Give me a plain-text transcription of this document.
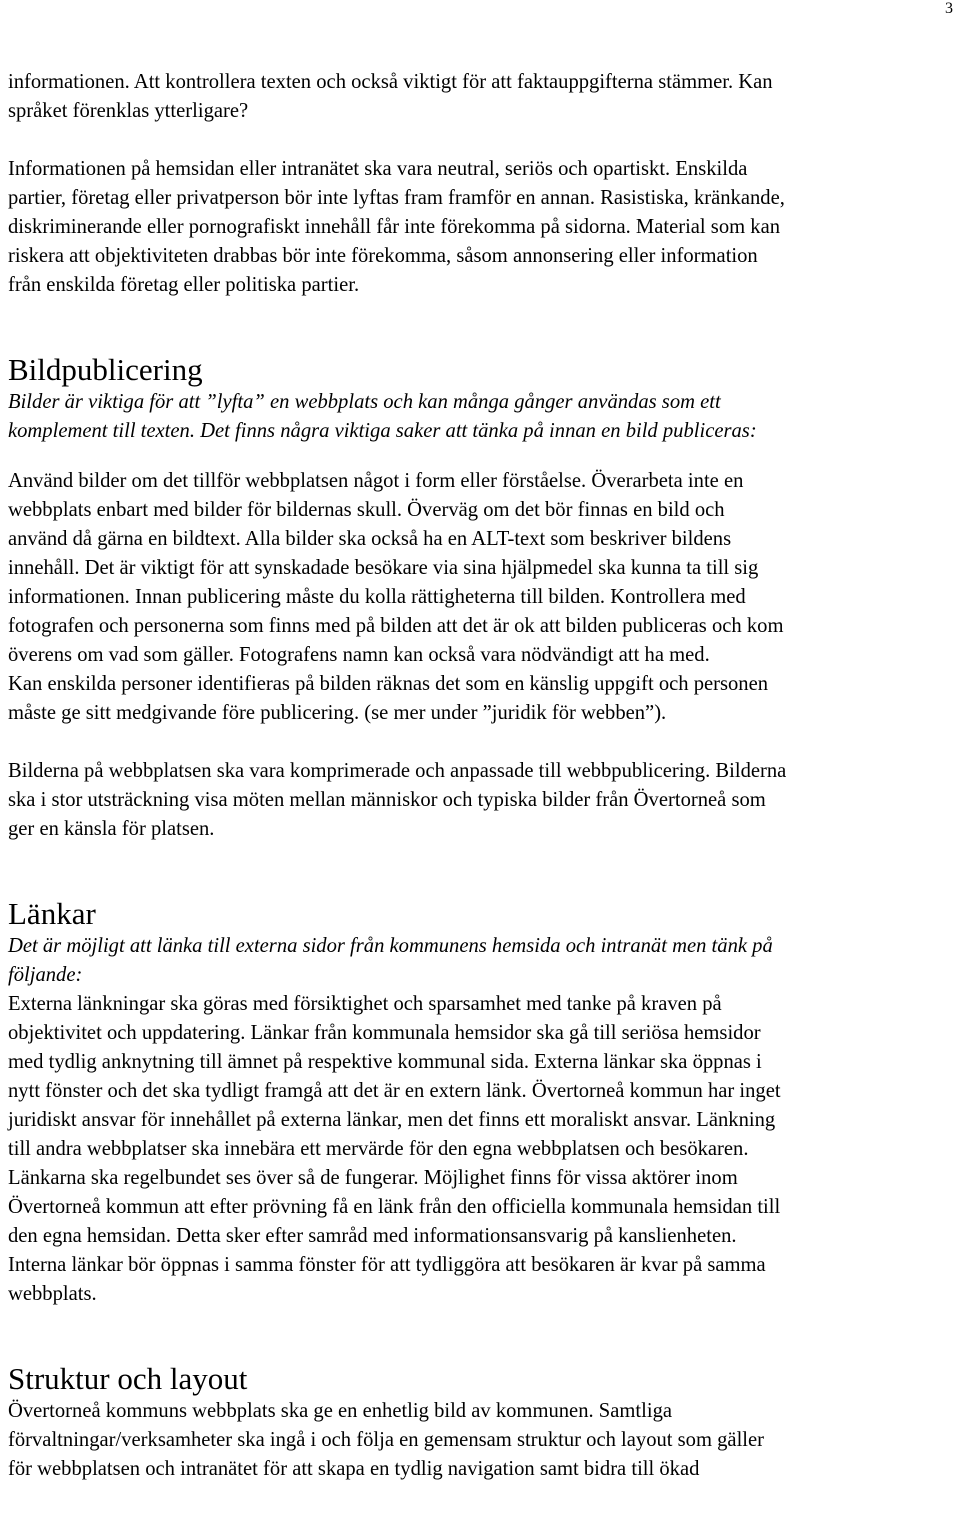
3

informationen. Att kontrollera texten och också viktigt för att faktauppgifterna stämmer. Kan
språket förenklas ytterligare?

Informationen på hemsidan eller intranätet ska vara neutral, seriös och opartiskt. Enskilda
partier, företag eller privatperson bör inte lyftas fram framför en annan. Rasistiska, kränkande,
diskriminerande eller pornografiskt innehåll får inte förekomma på sidorna. Material som kan
riskera att objektiviteten drabbas bör inte förekomma, såsom annonsering eller information
från enskilda företag eller politiska partier.

Bildpublicering

Bilder är viktiga för att ”lyfta” en webbplats och kan många gånger användas som ett
komplement till texten. Det finns några viktiga saker att tänka på innan en bild publiceras:

Använd bilder om det tillför webbplatsen något i form eller förståelse. Överarbeta inte en
webbplats enbart med bilder för bildernas skull. Överväg om det bör finnas en bild och
använd då gärna en bildtext. Alla bilder ska också ha en ALT-text som beskriver bildens
innehåll. Det är viktigt för att synskadade besökare via sina hjälpmedel ska kunna ta till sig
informationen. Innan publicering måste du kolla rättigheterna till bilden. Kontrollera med
fotografen och personerna som finns med på bilden att det är ok att bilden publiceras och kom
överens om vad som gäller. Fotografens namn kan också vara nödvändigt att ha med.
Kan enskilda personer identifieras på bilden räknas det som en känslig uppgift och personen
måste ge sitt medgivande före publicering. (se mer under ”juridik för webben”).

Bilderna på webbplatsen ska vara komprimerade och anpassade till webbpublicering. Bilderna
ska i stor utsträckning visa möten mellan människor och typiska bilder från Övertorneå som
ger en känsla för platsen.

Länkar

Det är möjligt att länka till externa sidor från kommunens hemsida och intranät men tänk på
följande:

Externa länkningar ska göras med försiktighet och sparsamhet med tanke på kraven på
objektivitet och uppdatering. Länkar från kommunala hemsidor ska gå till seriösa hemsidor
med tydlig anknytning till ämnet på respektive kommunal sida. Externa länkar ska öppnas i
nytt fönster och det ska tydligt framgå att det är en extern länk. Övertorneå kommun har inget
juridiskt ansvar för innehållet på externa länkar, men det finns ett moraliskt ansvar. Länkning
till andra webbplatser ska innebära ett mervärde för den egna webbplatsen och besökaren.
Länkarna ska regelbundet ses över så de fungerar. Möjlighet finns för vissa aktörer inom
Övertorneå kommun att efter prövning få en länk från den officiella kommunala hemsidan till
den egna hemsidan. Detta sker efter samråd med informationsansvarig på kanslienheten.
Interna länkar bör öppnas i samma fönster för att tydliggöra att besökaren är kvar på samma
webbplats.

Struktur och layout

Övertorneå kommuns webbplats ska ge en enhetlig bild av kommunen. Samtliga
förvaltningar/verksamheter ska ingå i och följa en gemensam struktur och layout som gäller
för webbplatsen och intranätet för att skapa en tydlig navigation samt bidra till ökad
